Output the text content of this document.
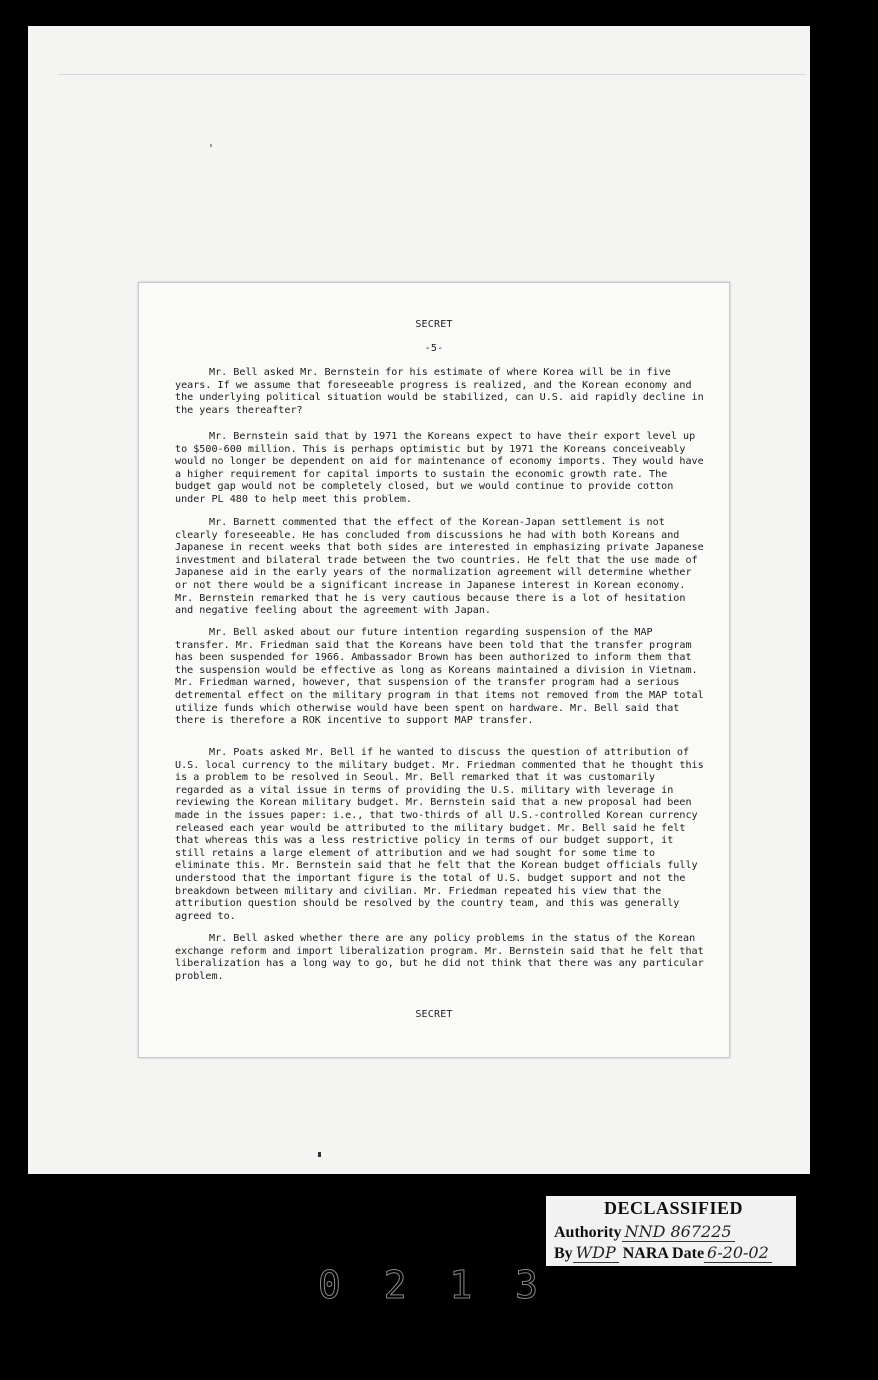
SECRET
-5-
Mr. Bell asked Mr. Bernstein for his estimate of where Korea will be in five years. If we assume that foreseeable progress is realized, and the Korean economy and the underlying political situation would be stabilized, can U.S. aid rapidly decline in the years thereafter?
Mr. Bernstein said that by 1971 the Koreans expect to have their export level up to $500-600 million. This is perhaps optimistic but by 1971 the Koreans conceiveably would no longer be dependent on aid for maintenance of economy imports. They would have a higher requirement for capital imports to sustain the economic growth rate. The budget gap would not be completely closed, but we would continue to provide cotton under PL 480 to help meet this problem.
Mr. Barnett commented that the effect of the Korean-Japan settlement is not clearly foreseeable. He has concluded from discussions he had with both Koreans and Japanese in recent weeks that both sides are interested in emphasizing private Japanese investment and bilateral trade between the two countries. He felt that the use made of Japanese aid in the early years of the normalization agreement will determine whether or not there would be a significant increase in Japanese interest in Korean economy. Mr. Bernstein remarked that he is very cautious because there is a lot of hesitation and negative feeling about the agreement with Japan.
Mr. Bell asked about our future intention regarding suspension of the MAP transfer. Mr. Friedman said that the Koreans have been told that the transfer program has been suspended for 1966. Ambassador Brown has been authorized to inform them that the suspension would be effective as long as Koreans maintained a division in Vietnam. Mr. Friedman warned, however, that suspension of the transfer program had a serious detremental effect on the military program in that items not removed from the MAP total utilize funds which otherwise would have been spent on hardware. Mr. Bell said that there is therefore a ROK incentive to support MAP transfer.
Mr. Poats asked Mr. Bell if he wanted to discuss the question of attribution of U.S. local currency to the military budget. Mr. Friedman commented that he thought this is a problem to be resolved in Seoul. Mr. Bell remarked that it was customarily regarded as a vital issue in terms of providing the U.S. military with leverage in reviewing the Korean military budget. Mr. Bernstein said that a new proposal had been made in the issues paper: i.e., that two-thirds of all U.S.-controlled Korean currency released each year would be attributed to the military budget. Mr. Bell said he felt that whereas this was a less restrictive policy in terms of our budget support, it still retains a large element of attribution and we had sought for some time to eliminate this. Mr. Bernstein said that he felt that the Korean budget officials fully understood that the important figure is the total of U.S. budget support and not the breakdown between military and civilian. Mr. Friedman repeated his view that the attribution question should be resolved by the country team, and this was generally agreed to.
Mr. Bell asked whether there are any policy problems in the status of the Korean exchange reform and import liberalization program. Mr. Bernstein said that he felt that liberalization has a long way to go, but he did not think that there was any particular problem.
SECRET
DECLASSIFIED
Authority NND 867225
By WDP NARA Date 6-20-02
0 2 1 3
